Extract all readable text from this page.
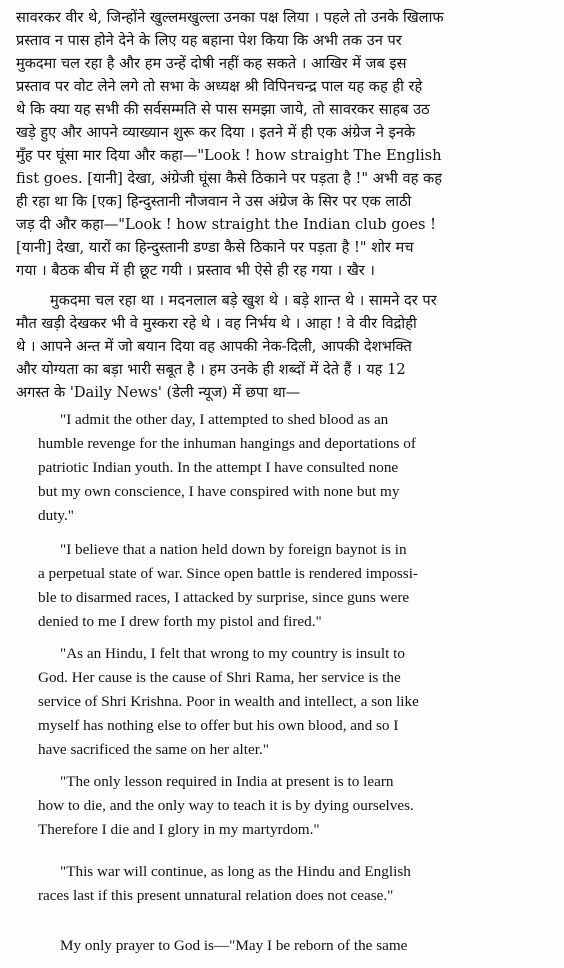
सावरकर वीर थे, जिन्होंने खुल्लमखुल्ला उनका पक्ष लिया । पहले तो उनके खिलाफ
प्रस्ताव न पास होने देने के लिए यह बहाना पेश किया कि अभी तक उन पर
मुकदमा चल रहा है और हम उन्हें दोषी नहीं कह सकते । आखिर में जब इस
प्रस्ताव पर वोट लेने लगे तो सभा के अध्यक्ष श्री विपिनचन्द्र पाल यह कह ही रहे
थे कि क्या यह सभी की सर्वसम्मति से पास समझा जाये, तो सावरकर साहब उठ
खड़े हुए और आपने व्याख्यान शुरू कर दिया । इतने में ही एक अंग्रेज ने इनके
मुँह पर घूंसा मार दिया और कहा—"Look ! how straight The English
fist goes. [यानी] देखा, अंग्रेजी घूंसा कैसे ठिकाने पर पड़ता है !" अभी वह कह
ही रहा था कि [एक] हिन्दुस्तानी नौजवान ने उस अंग्रेज के सिर पर एक लाठी
जड़ दी और कहा—"Look ! how straight the Indian club goes !
[यानी] देखा, यारों का हिन्दुस्तानी डण्डा कैसे ठिकाने पर पड़ता है !" शोर मच
गया । बैठक बीच में ही छूट गयी । प्रस्ताव भी ऐसे ही रह गया । खैर ।
मुकदमा चल रहा था । मदनलाल बड़े खुश थे । बड़े शान्त थे । सामने दर पर
मौत खड़ी देखकर भी वे मुस्करा रहे थे । वह निर्भय थे । आहा ! वे वीर विद्रोही
थे । आपने अन्त में जो बयान दिया वह आपकी नेक-दिली, आपकी देशभक्ति
और योग्यता का बड़ा भारी सबूत है । हम उनके ही शब्दों में देते हैं । यह 12
अगस्त के 'Daily News' (डेली न्यूज) में छपा था—
"I admit the other day, I attempted to shed blood as an
humble revenge for the inhuman hangings and deportations of
patriotic Indian youth. In the attempt I have consulted none
but my own conscience, I have conspired with none but my
duty."
"I believe that a nation held down by foreign baynot is in
a perpetual state of war. Since open battle is rendered impossi-
ble to disarmed races, I attacked by surprise, since guns were
denied to me I drew forth my pistol and fired."
"As an Hindu, I felt that wrong to my country is insult to
God. Her cause is the cause of Shri Rama, her service is the
service of Shri Krishna. Poor in wealth and intellect, a son like
myself has nothing else to offer but his own blood, and so I
have sacrificed the same on her alter."
"The only lesson required in India at present is to learn
how to die, and the only way to teach it is by dying ourselves.
Therefore I die and I glory in my martyrdom."
"This war will continue, as long as the Hindu and English
races last if this present unnatural relation does not cease."
My only prayer to God is—"May I be reborn of the same
